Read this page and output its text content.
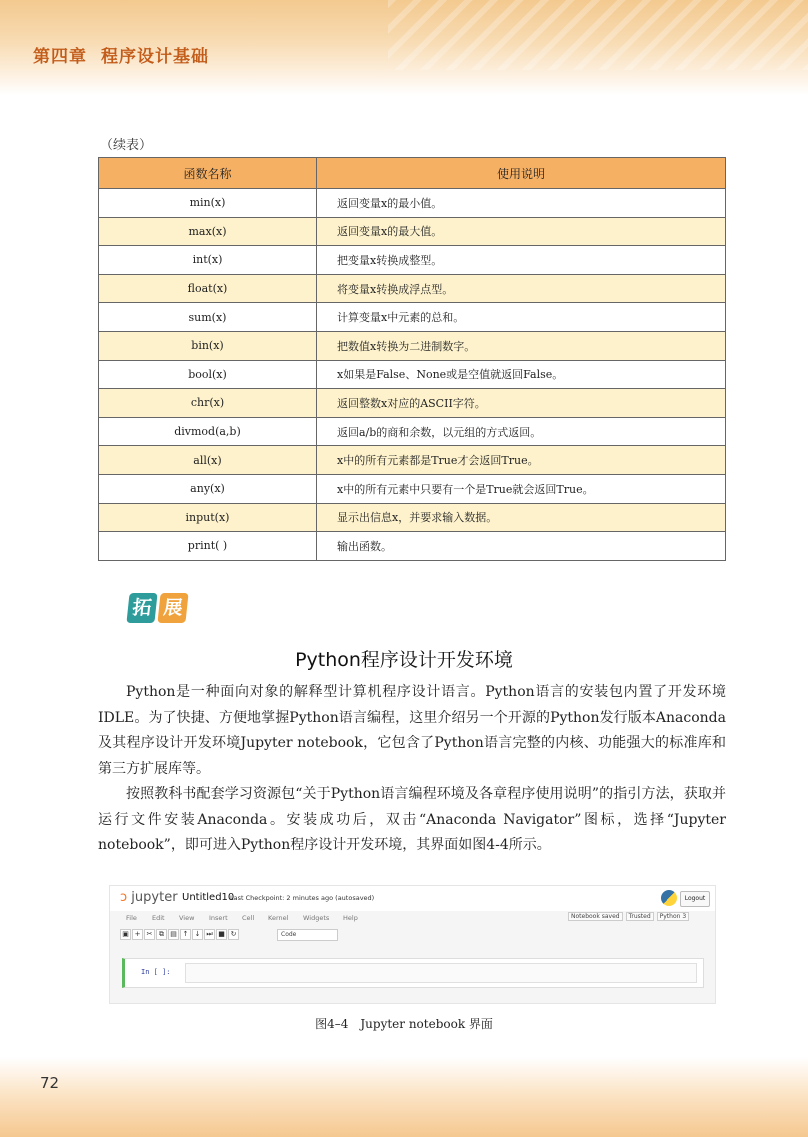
第四章 程序设计基础
（续表）
函数名称	使用说明
min(x)	返回变量x的最小值。
max(x)	返回变量x的最大值。
int(x)	把变量x转换成整型。
float(x)	将变量x转换成浮点型。
sum(x)	计算变量x中元素的总和。
bin(x)	把数值x转换为二进制数字。
bool(x)	x如果是False、None或是空值就返回False。
chr(x)	返回整数x对应的ASCII字符。
divmod(a,b)	返回a/b的商和余数，以元组的方式返回。
all(x)	x中的所有元素都是True才会返回True。
any(x)	x中的所有元素中只要有一个是True就会返回True。
input(x)	显示出信息x，并要求输入数据。
print( )	输出函数。
拓 展
Python程序设计开发环境

Python是一种面向对象的解释型计算机程序设计语言。Python语言的安装包内置了开发环境IDLE。为了快捷、方便地掌握Python语言编程，这里介绍另一个开源的Python发行版本Anaconda及其程序设计开发环境Jupyter notebook，它包含了Python语言完整的内核、功能强大的标准库和第三方扩展库等。

按照教科书配套学习资源包“关于Python语言编程环境及各章程序使用说明”的指引方法，获取并运行文件安装Anaconda。安装成功后，双击“Anaconda Navigator”图标，选择“Jupyter notebook”，即可进入Python程序设计开发环境，其界面如图4-4所示。

ↄ jupyter Untitled10
Last Checkpoint: 2 minutes ago (autosaved)	Logout
File Edit View Insert Cell Kernel Widgets Help	Notebook saved Trusted Python 3
▣ + ✂ ⧉ ▤ ↑ ↓ ⏭ ■ ↻	Code
In [ ]:
图4–4　Jupyter notebook 界面
72
